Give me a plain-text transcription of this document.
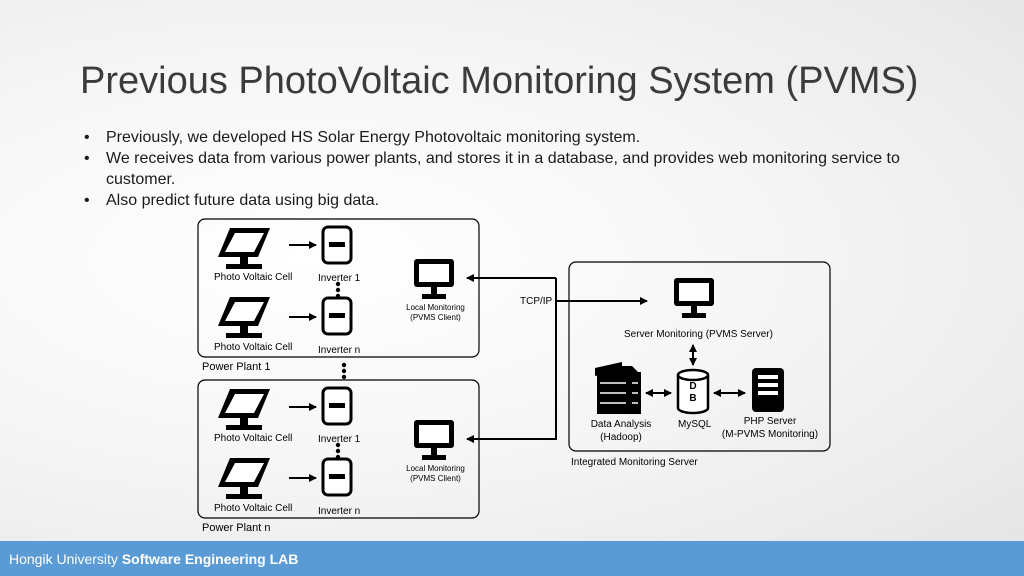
Previous PhotoVoltaic Monitoring System (PVMS)
• Previously, we developed HS Solar Energy Photovoltaic monitoring system.
• We receives data from various power plants, and stores it in a database, and provides web monitoring service to customer.
• Also predict future data using big data.
Photo Voltaic Cell
Photo Voltaic Cell
Inverter 1
Inverter n
Local Monitoring
(PVMS Client)
Power Plant 1
Photo Voltaic Cell
Photo Voltaic Cell
Inverter 1
Inverter n
Local Monitoring
(PVMS Client)
Power Plant n
TCP/IP
Server Monitoring (PVMS Server)
Data Analysis
(Hadoop)
MySQL
D
B
PHP Server
(M-PVMS Monitoring)
Integrated Monitoring Server
Hongik University Software Engineering LAB
